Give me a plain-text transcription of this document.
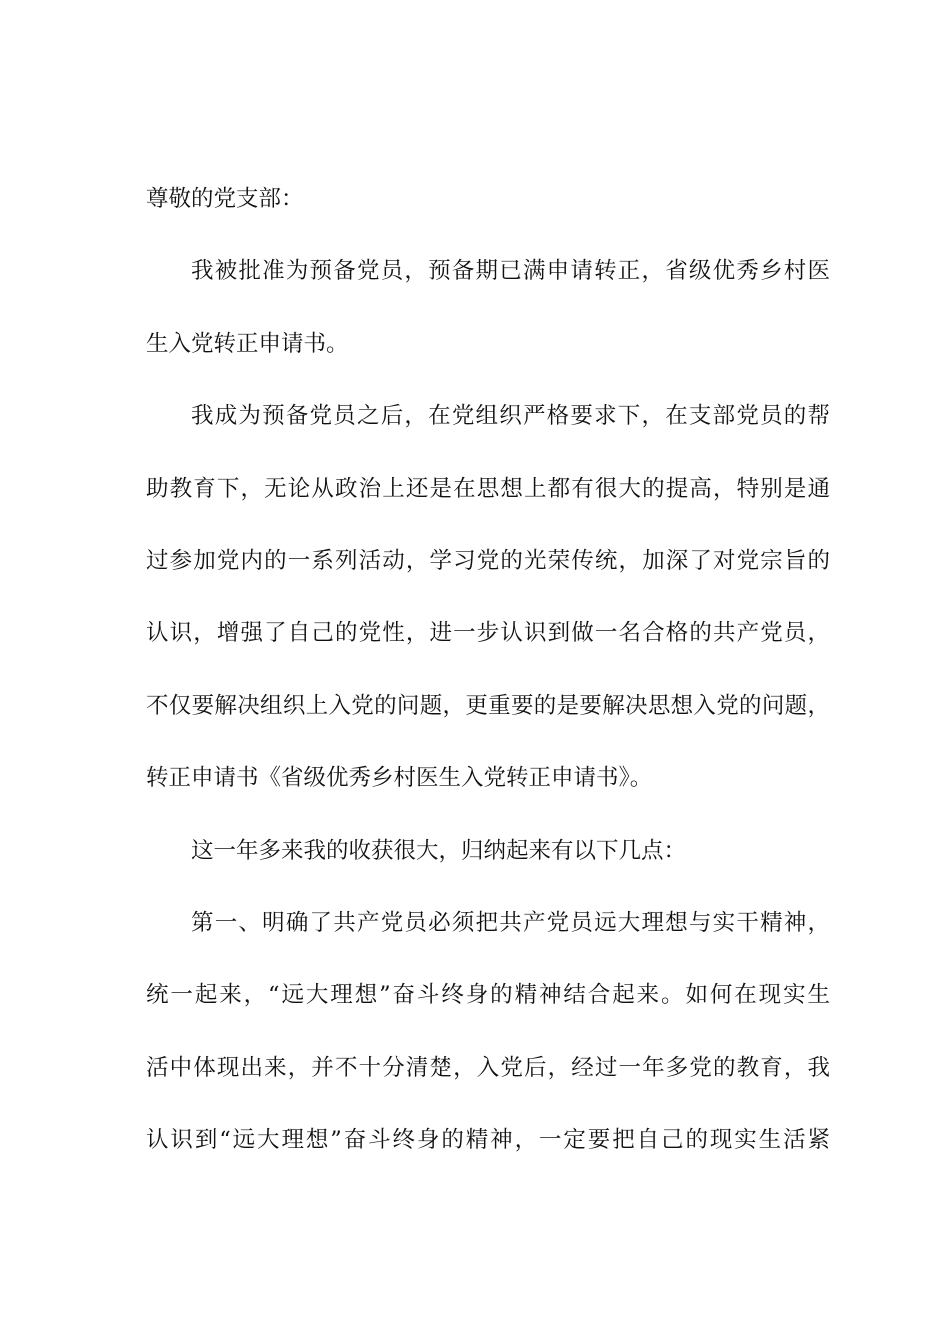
尊敬的党支部：
我被批准为预备党员，预备期已满申请转正，省级优秀乡村医
生入党转正申请书。
我成为预备党员之后，在党组织严格要求下，在支部党员的帮
助教育下，无论从政治上还是在思想上都有很大的提高，特别是通
过参加党内的一系列活动，学习党的光荣传统，加深了对党宗旨的
认识，增强了自己的党性，进一步认识到做一名合格的共产党员，
不仅要解决组织上入党的问题，更重要的是要解决思想入党的问题，
转正申请书《省级优秀乡村医生入党转正申请书》。
这一年多来我的收获很大，归纳起来有以下几点：
第一、明确了共产党员必须把共产党员远大理想与实干精神，
统一起来，“远大理想”奋斗终身的精神结合起来。如何在现实生
活中体现出来，并不十分清楚，入党后，经过一年多党的教育，我
认识到“远大理想”奋斗终身的精神，一定要把自己的现实生活紧
